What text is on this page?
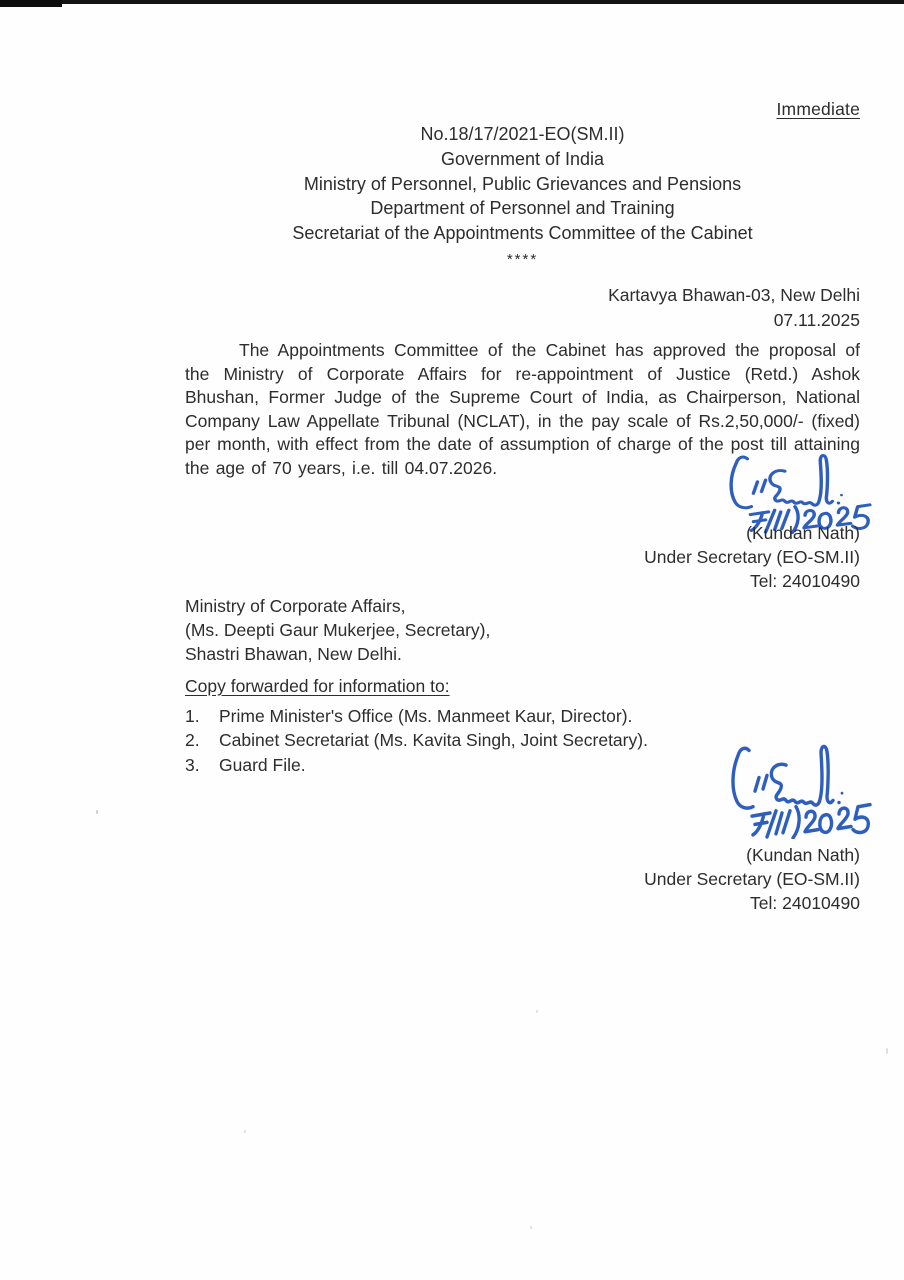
Immediate
No.18/17/2021-EO(SM.II)
Government of India
Ministry of Personnel, Public Grievances and Pensions
Department of Personnel and Training
Secretariat of the Appointments Committee of the Cabinet
****
Kartavya Bhawan-03, New Delhi
07.11.2025

The Appointments Committee of the Cabinet has approved the proposal of the Ministry of Corporate Affairs for re-appointment of Justice (Retd.) Ashok Bhushan, Former Judge of the Supreme Court of India, as Chairperson, National Company Law Appellate Tribunal (NCLAT), in the pay scale of Rs.2,50,000/- (fixed) per month, with effect from the date of assumption of charge of the post till attaining the age of 70 years, i.e. till 04.07.2026.

(Kundan Nath)
Under Secretary (EO-SM.II)
Tel: 24010490
Ministry of Corporate Affairs,
(Ms. Deepti Gaur Mukerjee, Secretary),
Shastri Bhawan, New Delhi.
Copy forwarded for information to:
1.	Prime Minister's Office (Ms. Manmeet Kaur, Director).
2.	Cabinet Secretariat (Ms. Kavita Singh, Joint Secretary).
3.	Guard File.
(Kundan Nath)
Under Secretary (EO-SM.II)
Tel: 24010490
